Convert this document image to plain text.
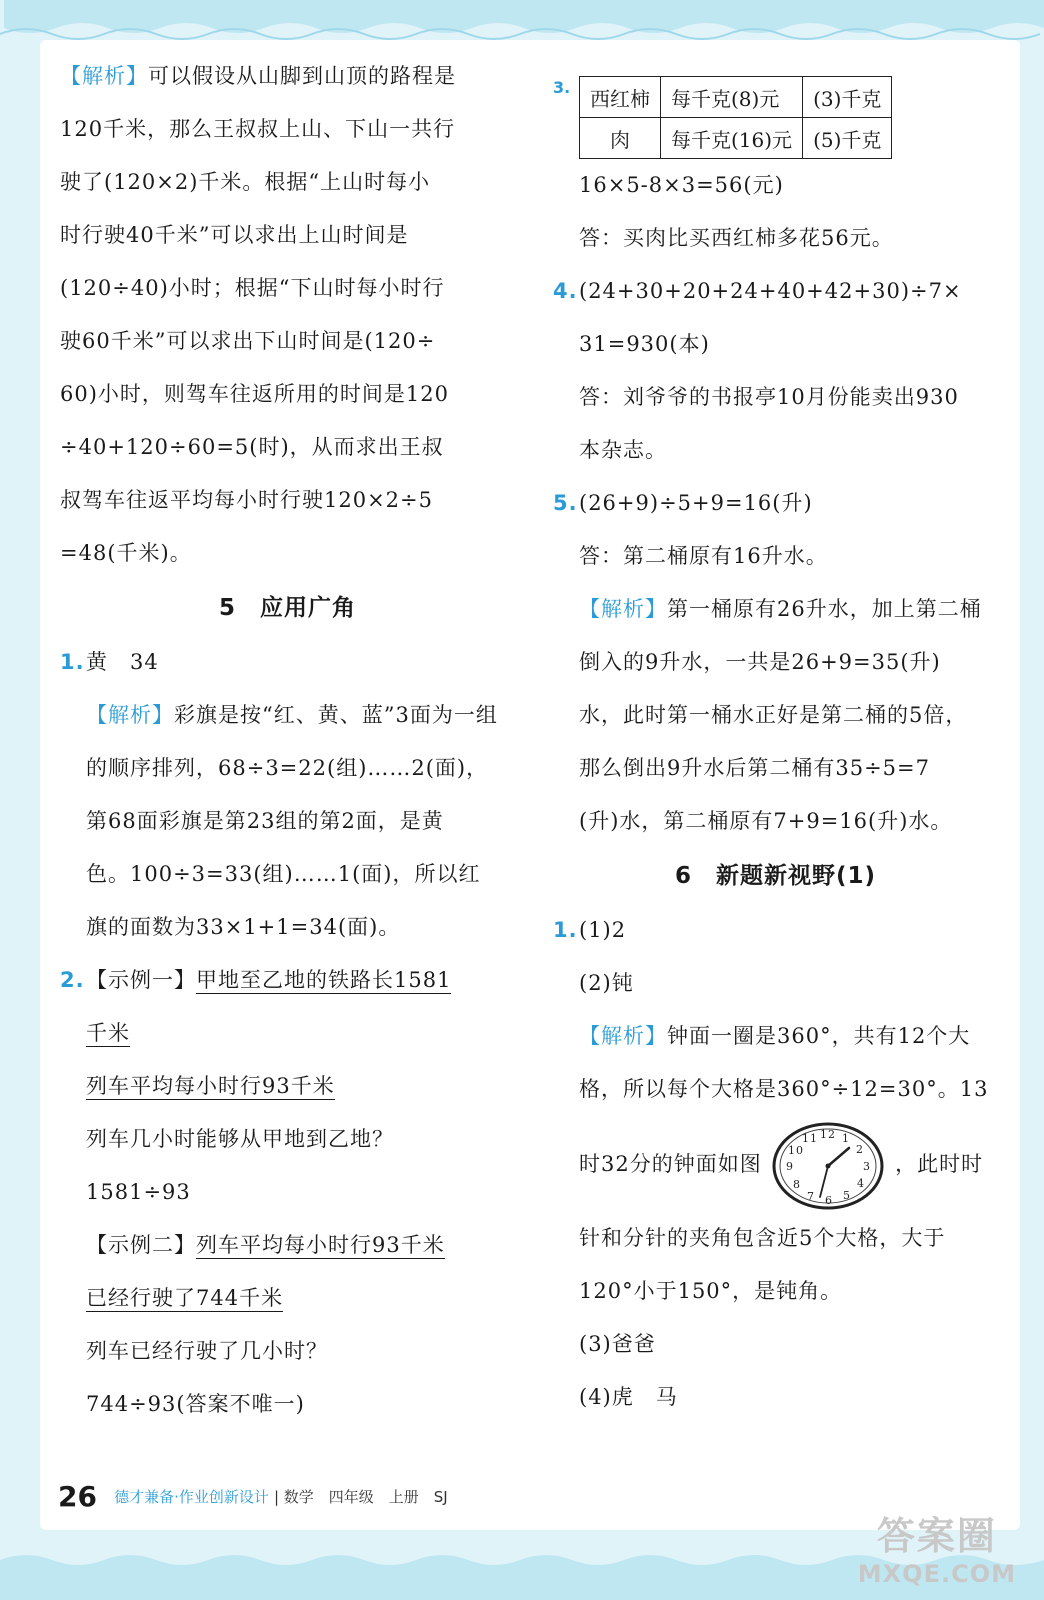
【解析】可以假设从山脚到山顶的路程是
120千米，那么王叔叔上山、下山一共行
驶了(120×2)千米。根据“上山时每小
时行驶40千米”可以求出上山时间是
(120÷40)小时；根据“下山时每小时行
驶60千米”可以求出下山时间是(120÷
60)小时，则驾车往返所用的时间是120
÷40+120÷60=5(时)，从而求出王叔
叔驾车往返平均每小时行驶120×2÷5
=48(千米)。
5 应用广角
1.黄　34
【解析】彩旗是按“红、黄、蓝”3面为一组
的顺序排列，68÷3=22(组)……2(面)，
第68面彩旗是第23组的第2面，是黄
色。100÷3=33(组)……1(面)，所以红
旗的面数为33×1+1=34(面)。
2.【示例一】甲地至乙地的铁路长1581
千米
列车平均每小时行93千米
列车几小时能够从甲地到乙地？
1581÷93
【示例二】列车平均每小时行93千米
已经行驶了744千米
列车已经行驶了几小时？
744÷93(答案不唯一)
3. 西红柿	每千克(8)元	(3)千克
肉	每千克(16)元	(5)千克
16×5-8×3=56(元)
答：买肉比买西红柿多花56元。
4.(24+30+20+24+40+42+30)÷7×
31=930(本)
答：刘爷爷的书报亭10月份能卖出930
本杂志。
5.(26+9)÷5+9=16(升)
答：第二桶原有16升水。
【解析】第一桶原有26升水，加上第二桶
倒入的9升水，一共是26+9=35(升)
水，此时第一桶水正好是第二桶的5倍，
那么倒出9升水后第二桶有35÷5=7
(升)水，第二桶原有7+9=16(升)水。
6 新题新视野(1)
1.(1)2
(2)钝
【解析】钟面一圈是360°，共有12个大
格，所以每个大格是360°÷12=30°。13
时32分的钟面如图
12 1
2
3
4
5
6
7
8
9
10
11
，此时时
针和分针的夹角包含近5个大格，大于
120°小于150°，是钝角。
(3)爸爸
(4)虎　马
26 德才兼备·作业创新设计 | 数学　四年级　上册　SJ
答案圈
MXQE.COM
